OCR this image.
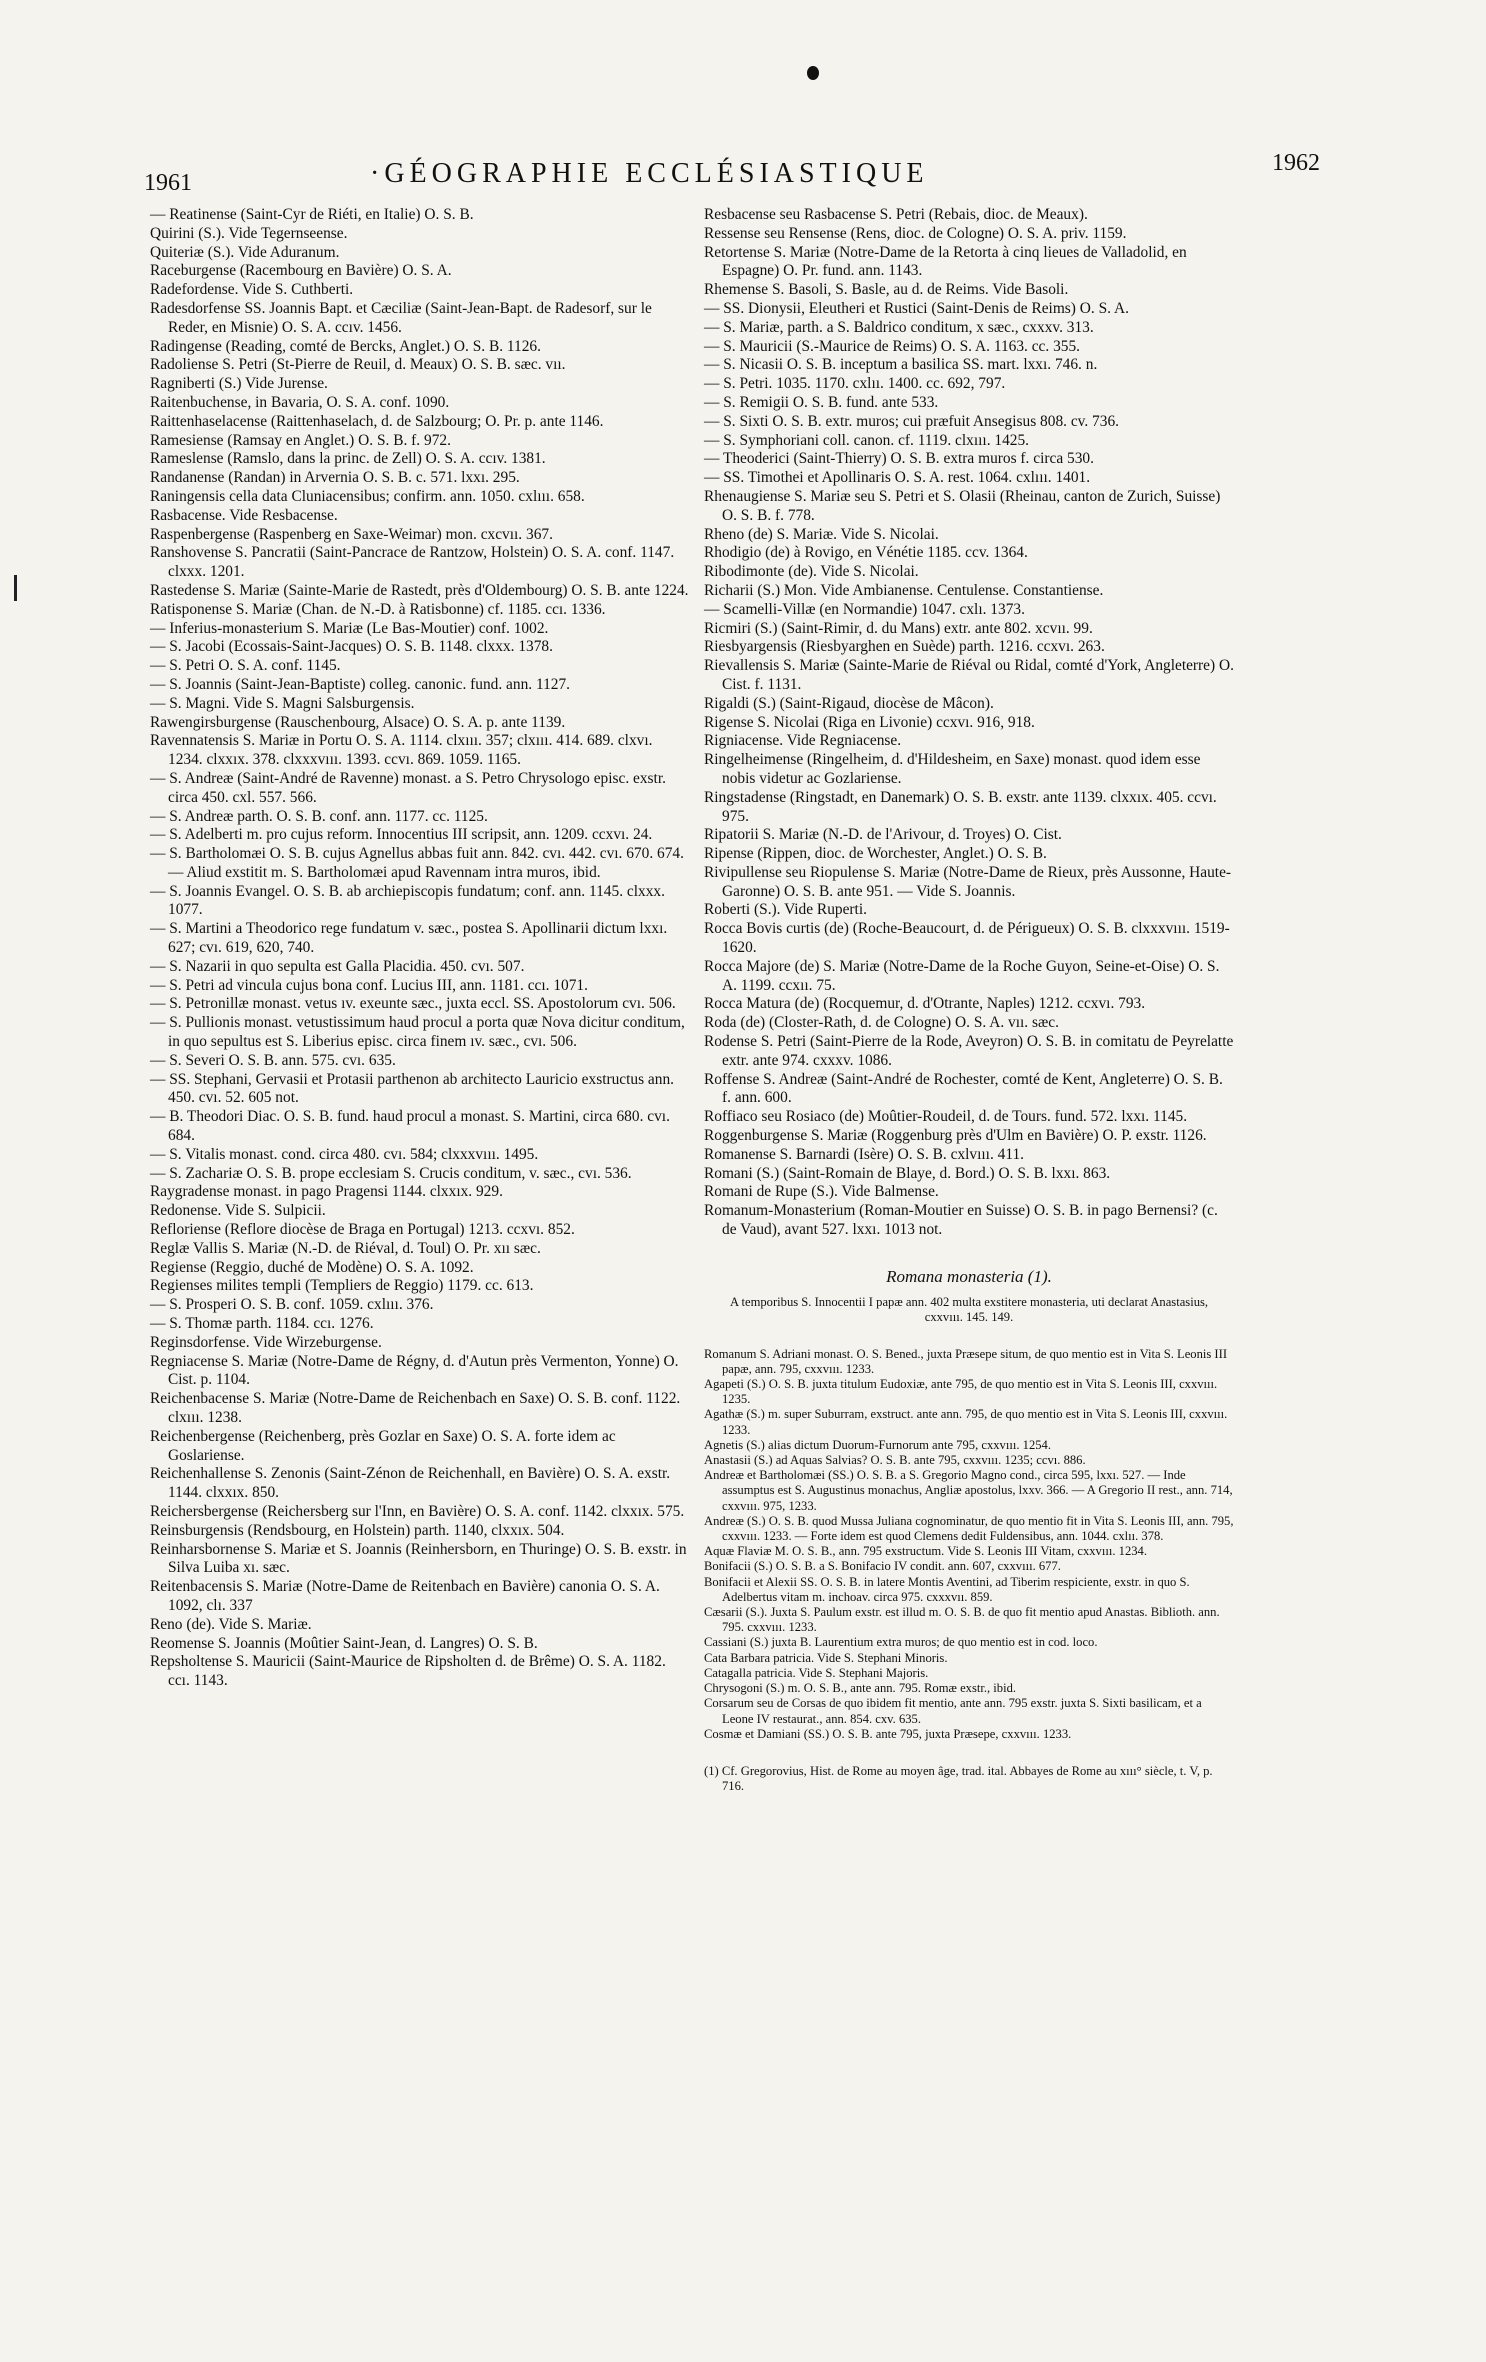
1961	·GÉOGRAPHIE ECCLÉSIASTIQUE	1962

— Reatinense (Saint-Cyr de Riéti, en Italie) O. S. B.

Quirini (S.). Vide Tegernseense.

Quiteriæ (S.). Vide Aduranum.

Raceburgense (Racembourg en Bavière) O. S. A.

Radefordense. Vide S. Cuthberti.

Radesdorfense SS. Joannis Bapt. et Cæciliæ (Saint-Jean-Bapt. de Radesorf, sur le Reder, en Misnie) O. S. A. ccıv. 1456.

Radingense (Reading, comté de Bercks, Anglet.) O. S. B. 1126.

Radoliense S. Petri (St-Pierre de Reuil, d. Meaux) O. S. B. sæc. vıı.

Ragniberti (S.) Vide Jurense.

Raitenbuchense, in Bavaria, O. S. A. conf. 1090.

Raittenhaselacense (Raittenhaselach, d. de Salzbourg; O. Pr. p. ante 1146.

Ramesiense (Ramsay en Anglet.) O. S. B. f. 972.

Rameslense (Ramslo, dans la princ. de Zell) O. S. A. ccıv. 1381.

Randanense (Randan) in Arvernia O. S. B. c. 571. lxxı. 295.

Raningensis cella data Cluniacensibus; confirm. ann. 1050. cxlııı. 658.

Rasbacense. Vide Resbacense.

Raspenbergense (Raspenberg en Saxe-Weimar) mon. cxcvıı. 367.

Ranshovense S. Pancratii (Saint-Pancrace de Rantzow, Holstein) O. S. A. conf. 1147. clxxx. 1201.

Rastedense S. Mariæ (Sainte-Marie de Rastedt, près d'Oldembourg) O. S. B. ante 1224.

Ratisponense S. Mariæ (Chan. de N.-D. à Ratisbonne) cf. 1185. ccı. 1336.

— Inferius-monasterium S. Mariæ (Le Bas-Moutier) conf. 1002.

— S. Jacobi (Ecossais-Saint-Jacques) O. S. B. 1148. clxxx. 1378.

— S. Petri O. S. A. conf. 1145.

— S. Joannis (Saint-Jean-Baptiste) colleg. canonic. fund. ann. 1127.

— S. Magni. Vide S. Magni Salsburgensis.

Rawengirsburgense (Rauschenbourg, Alsace) O. S. A. p. ante 1139.

Ravennatensis S. Mariæ in Portu O. S. A. 1114. clxııı. 357; clxııı. 414. 689. clxvı. 1234. clxxıx. 378. clxxxvııı. 1393. ccvı. 869. 1059. 1165.

— S. Andreæ (Saint-André de Ravenne) monast. a S. Petro Chrysologo episc. exstr. circa 450. cxl. 557. 566.

— S. Andreæ parth. O. S. B. conf. ann. 1177. cc. 1125.

— S. Adelberti m. pro cujus reform. Innocentius III scripsit, ann. 1209. ccxvı. 24.

— S. Bartholomæi O. S. B. cujus Agnellus abbas fuit ann. 842. cvı. 442. cvı. 670. 674. — Aliud exstitit m. S. Bartholomæi apud Ravennam intra muros, ibid.

— S. Joannis Evangel. O. S. B. ab archiepiscopis fundatum; conf. ann. 1145. clxxx. 1077.

— S. Martini a Theodorico rege fundatum v. sæc., postea S. Apollinarii dictum lxxı. 627; cvı. 619, 620, 740.

— S. Nazarii in quo sepulta est Galla Placidia. 450. cvı. 507.

— S. Petri ad vincula cujus bona conf. Lucius III, ann. 1181. ccı. 1071.

— S. Petronillæ monast. vetus ıv. exeunte sæc., juxta eccl. SS. Apostolorum cvı. 506.

— S. Pullionis monast. vetustissimum haud procul a porta quæ Nova dicitur conditum, in quo sepultus est S. Liberius episc. circa finem ıv. sæc., cvı. 506.

— S. Severi O. S. B. ann. 575. cvı. 635.

— SS. Stephani, Gervasii et Protasii parthenon ab architecto Lauricio exstructus ann. 450. cvı. 52. 605 not.

— B. Theodori Diac. O. S. B. fund. haud procul a monast. S. Martini, circa 680. cvı. 684.

— S. Vitalis monast. cond. circa 480. cvı. 584; clxxxvııı. 1495.

— S. Zachariæ O. S. B. prope ecclesiam S. Crucis conditum, v. sæc., cvı. 536.

Raygradense monast. in pago Pragensi 1144. clxxıx. 929.

Redonense. Vide S. Sulpicii.

Refloriense (Reflore diocèse de Braga en Portugal) 1213. ccxvı. 852.

Reglæ Vallis S. Mariæ (N.-D. de Riéval, d. Toul) O. Pr. xıı sæc.

Regiense (Reggio, duché de Modène) O. S. A. 1092.

Regienses milites templi (Templiers de Reggio) 1179. cc. 613.

— S. Prosperi O. S. B. conf. 1059. cxlııı. 376.

— S. Thomæ parth. 1184. ccı. 1276.

Reginsdorfense. Vide Wirzeburgense.

Regniacense S. Mariæ (Notre-Dame de Régny, d. d'Autun près Vermenton, Yonne) O. Cist. p. 1104.

Reichenbacense S. Mariæ (Notre-Dame de Reichenbach en Saxe) O. S. B. conf. 1122. clxııı. 1238.

Reichenbergense (Reichenberg, près Gozlar en Saxe) O. S. A. forte idem ac Goslariense.

Reichenhallense S. Zenonis (Saint-Zénon de Reichenhall, en Bavière) O. S. A. exstr. 1144. clxxıx. 850.

Reichersbergense (Reichersberg sur l'Inn, en Bavière) O. S. A. conf. 1142. clxxıx. 575.

Reinsburgensis (Rendsbourg, en Holstein) parth. 1140, clxxıx. 504.

Reinharsbornense S. Mariæ et S. Joannis (Reinhersborn, en Thuringe) O. S. B. exstr. in Silva Luiba xı. sæc.

Reitenbacensis S. Mariæ (Notre-Dame de Reitenbach en Bavière) canonia O. S. A. 1092, clı. 337

Reno (de). Vide S. Mariæ.

Reomense S. Joannis (Moûtier Saint-Jean, d. Langres) O. S. B.

Repsholtense S. Mauricii (Saint-Maurice de Ripsholten d. de Brême) O. S. A. 1182. ccı. 1143.

Resbacense seu Rasbacense S. Petri (Rebais, dioc. de Meaux).

Ressense seu Rensense (Rens, dioc. de Cologne) O. S. A. priv. 1159.

Retortense S. Mariæ (Notre-Dame de la Retorta à cinq lieues de Valladolid, en Espagne) O. Pr. fund. ann. 1143.

Rhemense S. Basoli, S. Basle, au d. de Reims. Vide Basoli.

— SS. Dionysii, Eleutheri et Rustici (Saint-Denis de Reims) O. S. A.

— S. Mariæ, parth. a S. Baldrico conditum, x sæc., cxxxv. 313.

— S. Mauricii (S.-Maurice de Reims) O. S. A. 1163. cc. 355.

— S. Nicasii O. S. B. inceptum a basilica SS. mart. lxxı. 746. n.

— S. Petri. 1035. 1170. cxlıı. 1400. cc. 692, 797.

— S. Remigii O. S. B. fund. ante 533.

— S. Sixti O. S. B. extr. muros; cui præfuit Ansegisus 808. cv. 736.

— S. Symphoriani coll. canon. cf. 1119. clxııı. 1425.

— Theoderici (Saint-Thierry) O. S. B. extra muros f. circa 530.

— SS. Timothei et Apollinaris O. S. A. rest. 1064. cxlııı. 1401.

Rhenaugiense S. Mariæ seu S. Petri et S. Olasii (Rheinau, canton de Zurich, Suisse) O. S. B. f. 778.

Rheno (de) S. Mariæ. Vide S. Nicolai.

Rhodigio (de) à Rovigo, en Vénétie 1185. ccv. 1364.

Ribodimonte (de). Vide S. Nicolai.

Richarii (S.) Mon. Vide Ambianense. Centulense. Constantiense.

— Scamelli-Villæ (en Normandie) 1047. cxlı. 1373.

Ricmiri (S.) (Saint-Rimir, d. du Mans) extr. ante 802. xcvıı. 99.

Riesbyargensis (Riesbyarghen en Suède) parth. 1216. ccxvı. 263.

Rievallensis S. Mariæ (Sainte-Marie de Riéval ou Ridal, comté d'York, Angleterre) O. Cist. f. 1131.

Rigaldi (S.) (Saint-Rigaud, diocèse de Mâcon).

Rigense S. Nicolai (Riga en Livonie) ccxvı. 916, 918.

Rigniacense. Vide Regniacense.

Ringelheimense (Ringelheim, d. d'Hildesheim, en Saxe) monast. quod idem esse nobis videtur ac Gozlariense.

Ringstadense (Ringstadt, en Danemark) O. S. B. exstr. ante 1139. clxxıx. 405. ccvı. 975.

Ripatorii S. Mariæ (N.-D. de l'Arivour, d. Troyes) O. Cist.

Ripense (Rippen, dioc. de Worchester, Anglet.) O. S. B.

Rivipullense seu Riopulense S. Mariæ (Notre-Dame de Rieux, près Aussonne, Haute-Garonne) O. S. B. ante 951. — Vide S. Joannis.

Roberti (S.). Vide Ruperti.

Rocca Bovis curtis (de) (Roche-Beaucourt, d. de Périgueux) O. S. B. clxxxvııı. 1519-1620.

Rocca Majore (de) S. Mariæ (Notre-Dame de la Roche Guyon, Seine-et-Oise) O. S. A. 1199. ccxıı. 75.

Rocca Matura (de) (Rocquemur, d. d'Otrante, Naples) 1212. ccxvı. 793.

Roda (de) (Closter-Rath, d. de Cologne) O. S. A. vıı. sæc.

Rodense S. Petri (Saint-Pierre de la Rode, Aveyron) O. S. B. in comitatu de Peyrelatte extr. ante 974. cxxxv. 1086.

Roffense S. Andreæ (Saint-André de Rochester, comté de Kent, Angleterre) O. S. B. f. ann. 600.

Roffiaco seu Rosiaco (de) Moûtier-Roudeil, d. de Tours. fund. 572. lxxı. 1145.

Roggenburgense S. Mariæ (Roggenburg près d'Ulm en Bavière) O. P. exstr. 1126.

Romanense S. Barnardi (Isère) O. S. B. cxlvııı. 411.

Romani (S.) (Saint-Romain de Blaye, d. Bord.) O. S. B. lxxı. 863.

Romani de Rupe (S.). Vide Balmense.

Romanum-Monasterium (Roman-Moutier en Suisse) O. S. B. in pago Bernensi? (c. de Vaud), avant 527. lxxı. 1013 not.

Romana monasteria (1).
A temporibus S. Innocentii I papæ ann. 402 multa exstitere monasteria, uti declarat Anastasius, cxxvııı. 145. 149.

Romanum S. Adriani monast. O. S. Bened., juxta Præsepe situm, de quo mentio est in Vita S. Leonis III papæ, ann. 795, cxxvııı. 1233.

Agapeti (S.) O. S. B. juxta titulum Eudoxiæ, ante 795, de quo mentio est in Vita S. Leonis III, cxxvııı. 1235.

Agathæ (S.) m. super Suburram, exstruct. ante ann. 795, de quo mentio est in Vita S. Leonis III, cxxvııı. 1233.

Agnetis (S.) alias dictum Duorum-Furnorum ante 795, cxxvııı. 1254.

Anastasii (S.) ad Aquas Salvias? O. S. B. ante 795, cxxvııı. 1235; ccvı. 886.

Andreæ et Bartholomæi (SS.) O. S. B. a S. Gregorio Magno cond., circa 595, lxxı. 527. — Inde assumptus est S. Augustinus monachus, Angliæ apostolus, lxxv. 366. — A Gregorio II rest., ann. 714, cxxvııı. 975, 1233.

Andreæ (S.) O. S. B. quod Mussa Juliana cognominatur, de quo mentio fit in Vita S. Leonis III, ann. 795, cxxvııı. 1233. — Forte idem est quod Clemens dedit Fuldensibus, ann. 1044. cxlıı. 378.

Aquæ Flaviæ M. O. S. B., ann. 795 exstructum. Vide S. Leonis III Vitam, cxxvııı. 1234.

Bonifacii (S.) O. S. B. a S. Bonifacio IV condit. ann. 607, cxxvııı. 677.

Bonifacii et Alexii SS. O. S. B. in latere Montis Aventini, ad Tiberim respiciente, exstr. in quo S. Adelbertus vitam m. inchoav. circa 975. cxxxvıı. 859.

Cæsarii (S.). Juxta S. Paulum exstr. est illud m. O. S. B. de quo fit mentio apud Anastas. Biblioth. ann. 795. cxxvııı. 1233.

Cassiani (S.) juxta B. Laurentium extra muros; de quo mentio est in cod. loco.

Cata Barbara patricia. Vide S. Stephani Minoris.

Catagalla patricia. Vide S. Stephani Majoris.

Chrysogoni (S.) m. O. S. B., ante ann. 795. Romæ exstr., ibid.

Corsarum seu de Corsas de quo ibidem fit mentio, ante ann. 795 exstr. juxta S. Sixti basilicam, et a Leone IV restaurat., ann. 854. cxv. 635.

Cosmæ et Damiani (SS.) O. S. B. ante 795, juxta Præsepe, cxxvııı. 1233.

(1) Cf. Gregorovius, Hist. de Rome au moyen âge, trad. ital. Abbayes de Rome au xııı° siècle, t. V, p. 716.
